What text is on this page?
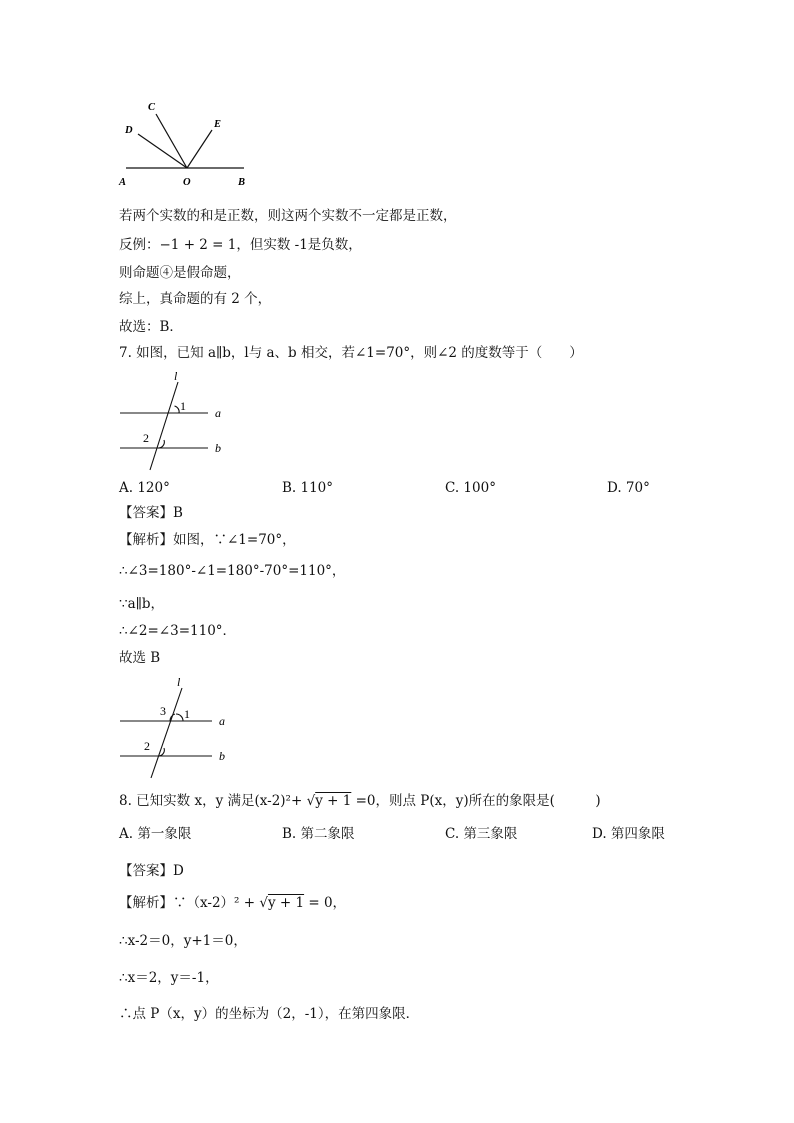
C
D
E
A	O	B
若两个实数的和是正数，则这两个实数不一定都是正数，
反例：−1 + 2 = 1，但实数 -1是负数，
则命题④是假命题，
综上，真命题的有 2 个，
故选：B．
7. 如图，已知 a∥b，l与 a、b 相交，若∠1=70°，则∠2 的度数等于（　　）
l
1
2
a
b
A. 120°	B. 110°	C. 100°	D. 70°
【答案】B
【解析】如图，∵∠1=70°，
∴∠3=180°-∠1=180°-70°=110°，
∵a∥b，
∴∠2=∠3=110°．
故选 B
l
3 1
2
a
b
8. 已知实数 x，y 满足(x-2)²+ √y + 1 =0，则点 P(x，y)所在的象限是(　　　)
A. 第一象限	B. 第二象限	C. 第三象限	D. 第四象限
【答案】D
【解析】∵（x-2）² + √y + 1 = 0，
∴x-2＝0，y+1＝0，
∴x＝2，y＝-1，
∴点 P（x，y）的坐标为（2，-1），在第四象限．
